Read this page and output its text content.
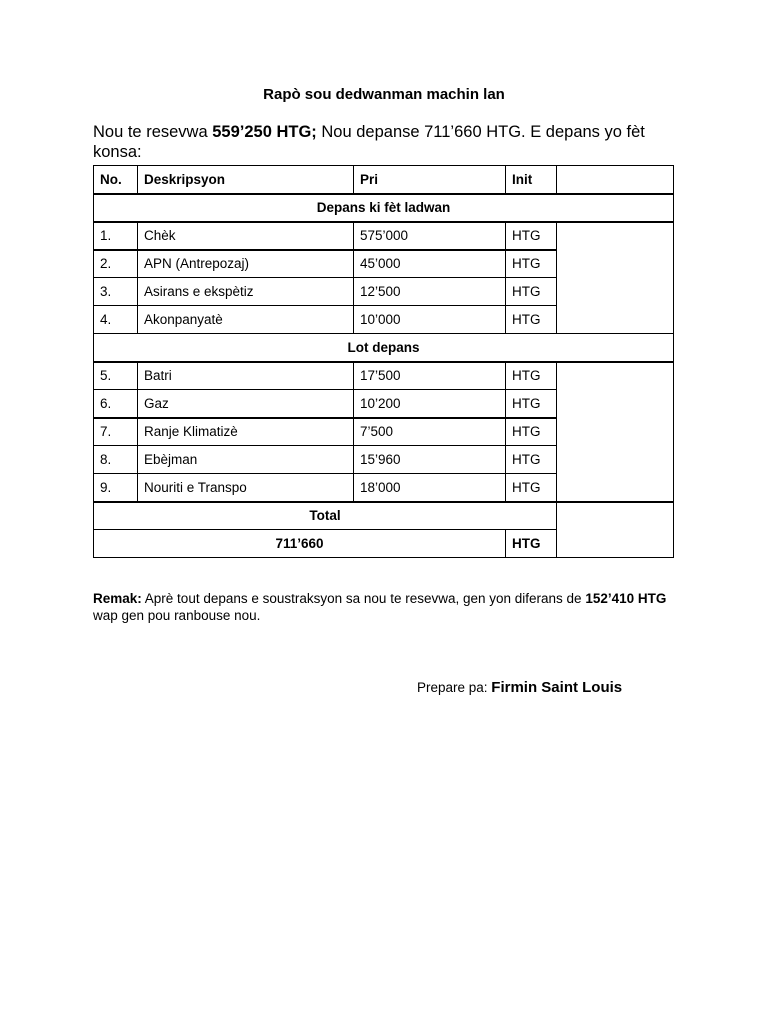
Rapò sou dedwanman machin lan
Nou te resevwa 559’250 HTG; Nou depanse 711’660 HTG. E depans yo fèt konsa:
No.	Deskripsyon	Pri	Init	
Depans ki fèt ladwan				
1.	Chèk	575’000	HTG	
2.	APN (Antrepozaj)	45’000	HTG	
3.	Asirans e ekspètiz	12’500	HTG	
4.	Akonpanyatè	10’000	HTG	
Lot depans				
5.	Batri	17’500	HTG	
6.	Gaz	10’200	HTG	
7.	Ranje Klimatizè	7’500	HTG	
8.	Ebèjman	15’960	HTG	
9.	Nouriti e Transpo	18’000	HTG	
Total				
711’660			HTG	
Remak: Aprè tout depans e soustraksyon sa nou te resevwa, gen yon diferans de 152’410 HTG wap gen pou ranbouse nou.
Prepare pa: Firmin Saint Louis
